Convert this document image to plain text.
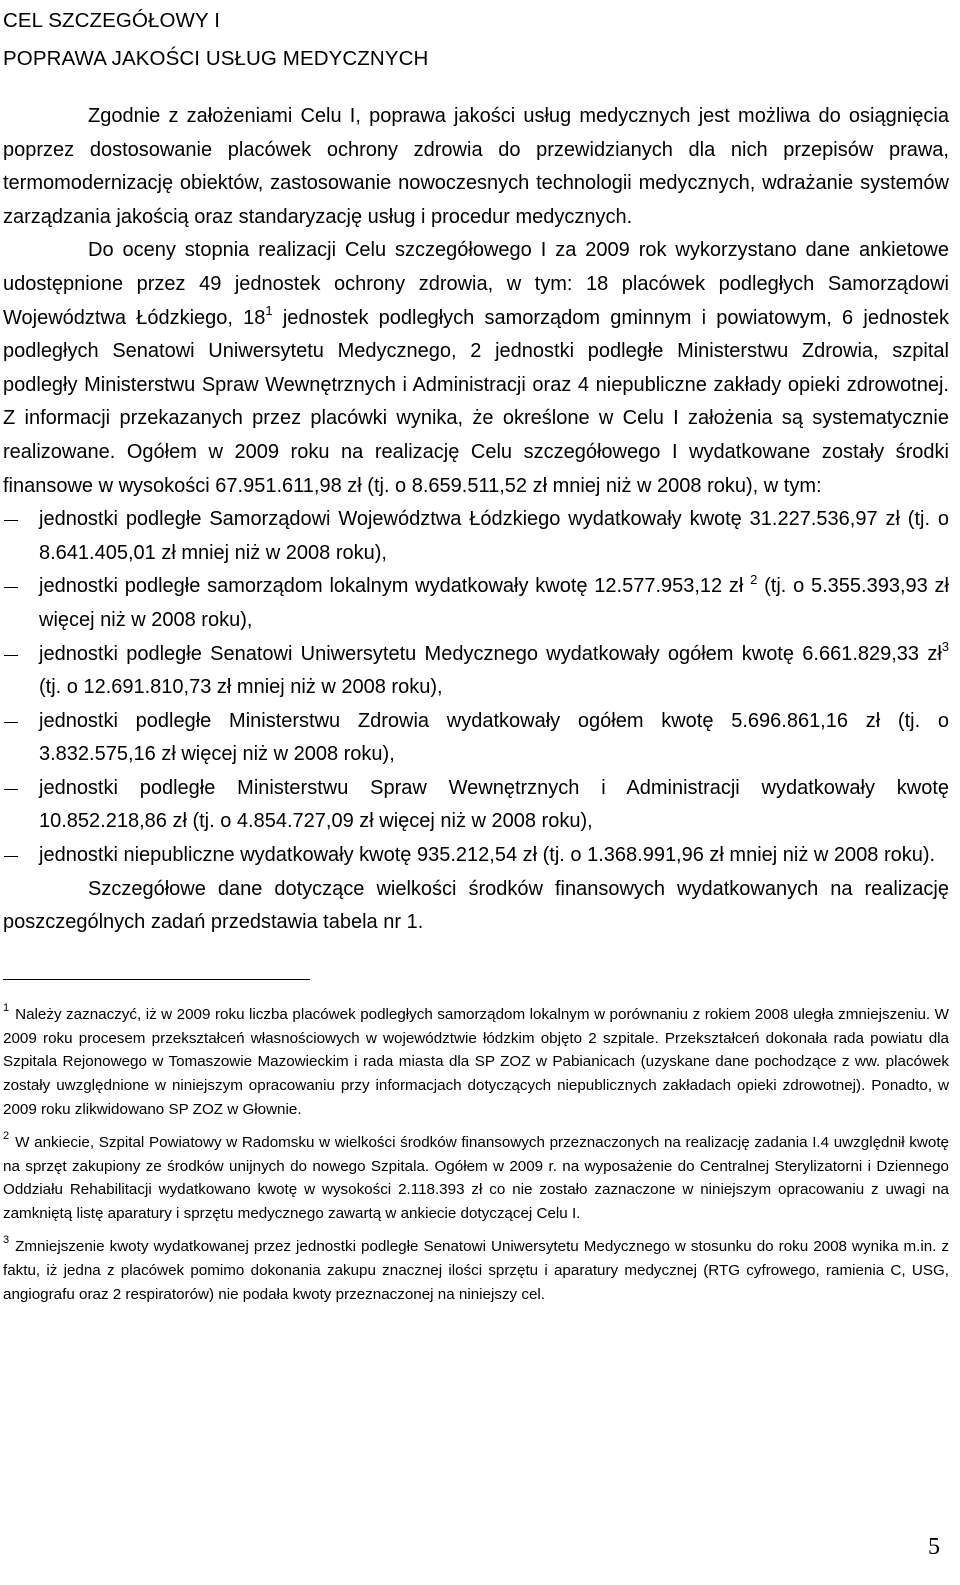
CEL SZCZEGÓŁOWY I
POPRAWA JAKOŚCI USŁUG MEDYCZNYCH

Zgodnie z założeniami Celu I, poprawa jakości usług medycznych jest możliwa do osiągnięcia poprzez dostosowanie placówek ochrony zdrowia do przewidzianych dla nich przepisów prawa, termomodernizację obiektów, zastosowanie nowoczesnych technologii medycznych, wdrażanie systemów zarządzania jakością oraz standaryzację usług i procedur medycznych.

Do oceny stopnia realizacji Celu szczegółowego I za 2009 rok wykorzystano dane ankietowe udostępnione przez 49 jednostek ochrony zdrowia, w tym: 18 placówek podległych Samorządowi Województwa Łódzkiego, $18^1$ jednostek podległych samorządom gminnym i powiatowym, 6 jednostek podległych Senatowi Uniwersytetu Medycznego, 2 jednostki podległe Ministerstwu Zdrowia, szpital podległy Ministerstwu Spraw Wewnętrznych i Administracji oraz 4 niepubliczne zakłady opieki zdrowotnej. Z informacji przekazanych przez placówki wynika, że określone w Celu I założenia są systematycznie realizowane. Ogółem w 2009 roku na realizację Celu szczegółowego I wydatkowane zostały środki finansowe w wysokości 67.951.611,98 zł (tj. o 8.659.511,52 zł mniej niż w 2008 roku), w tym:

jednostki podległe Samorządowi Województwa Łódzkiego wydatkowały kwotę 31.227.536,97 zł (tj. o 8.641.405,01 zł mniej niż w 2008 roku),
jednostki podległe samorządom lokalnym wydatkowały kwotę 12.577.953,12 zł $^2$ (tj. o 5.355.393,93 zł więcej niż w 2008 roku),
jednostki podległe Senatowi Uniwersytetu Medycznego wydatkowały ogółem kwotę 6.661.829,33 $zł^3$ (tj. o 12.691.810,73 zł mniej niż w 2008 roku),
jednostki podległe Ministerstwu Zdrowia wydatkowały ogółem kwotę 5.696.861,16 zł (tj. o 3.832.575,16 zł więcej niż w 2008 roku),
jednostki podległe Ministerstwu Spraw Wewnętrznych i Administracji wydatkowały kwotę 10.852.218,86 zł (tj. o 4.854.727,09 zł więcej niż w 2008 roku),
jednostki niepubliczne wydatkowały kwotę 935.212,54 zł (tj. o 1.368.991,96 zł mniej niż w 2008 roku).

Szczegółowe dane dotyczące wielkości środków finansowych wydatkowanych na realizację poszczególnych zadań przedstawia tabela nr 1.

$^1$ Należy zaznaczyć, iż w 2009 roku liczba placówek podległych samorządom lokalnym w porównaniu z rokiem 2008 uległa zmniejszeniu. W 2009 roku procesem przekształceń własnościowych w województwie łódzkim objęto 2 szpitale. Przekształceń dokonała rada powiatu dla Szpitala Rejonowego w Tomaszowie Mazowieckim i rada miasta dla SP ZOZ w Pabianicach (uzyskane dane pochodzące z ww. placówek zostały uwzględnione w niniejszym opracowaniu przy informacjach dotyczących niepublicznych zakładach opieki zdrowotnej). Ponadto, w 2009 roku zlikwidowano SP ZOZ w Głownie.

$^2$ W ankiecie, Szpital Powiatowy w Radomsku w wielkości środków finansowych przeznaczonych na realizację zadania I.4 uwzględnił kwotę na sprzęt zakupiony ze środków unijnych do nowego Szpitala. Ogółem w 2009 r. na wyposażenie do Centralnej Sterylizatorni i Dziennego Oddziału Rehabilitacji wydatkowano kwotę w wysokości 2.118.393 zł co nie zostało zaznaczone w niniejszym opracowaniu z uwagi na zamkniętą listę aparatury i sprzętu medycznego zawartą w ankiecie dotyczącej Celu I.

$^3$ Zmniejszenie kwoty wydatkowanej przez jednostki podległe Senatowi Uniwersytetu Medycznego w stosunku do roku 2008 wynika m.in. z faktu, iż jedna z placówek pomimo dokonania zakupu znacznej ilości sprzętu i aparatury medycznej (RTG cyfrowego, ramienia C, USG, angiografu oraz 2 respiratorów) nie podała kwoty przeznaczonej na niniejszy cel.

5
